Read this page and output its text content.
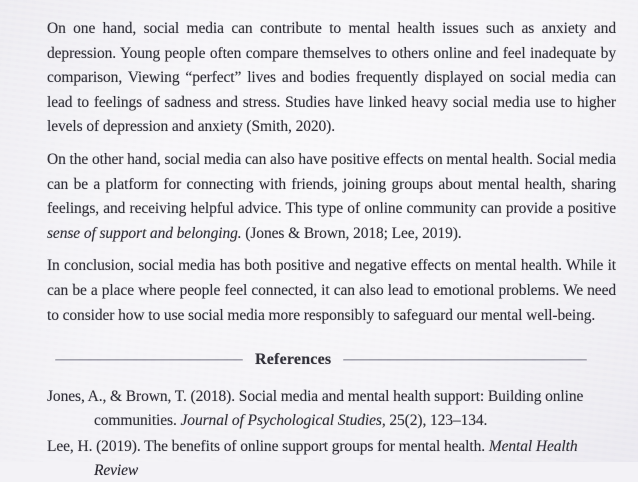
On one hand, social media can contribute to mental health issues such as anxiety and depression. Young people often compare themselves to others online and feel inadequate by comparison, Viewing “perfect” lives and bodies frequently displayed on social media can lead to feelings of sadness and stress. Studies have linked heavy social media use to higher levels of depression and anxiety (Smith, 2020).

On the other hand, social media can also have positive effects on mental health. Social media can be a platform for connecting with friends, joining groups about mental health, sharing feelings, and receiving helpful advice. This type of online community can provide a positive sense of support and belonging. (Jones & Brown, 2018; Lee, 2019).

In conclusion, social media has both positive and negative effects on mental health. While it can be a place where people feel connected, it can also lead to emotional problems. We need to consider how to use social media more responsibly to safeguard our mental well-being.

References

Jones, A., & Brown, T. (2018). Social media and mental health support: Building online communities. Journal of Psychological Studies, 25(2), 123–134.

Lee, H. (2019). The benefits of online support groups for mental health. Mental Health Review
